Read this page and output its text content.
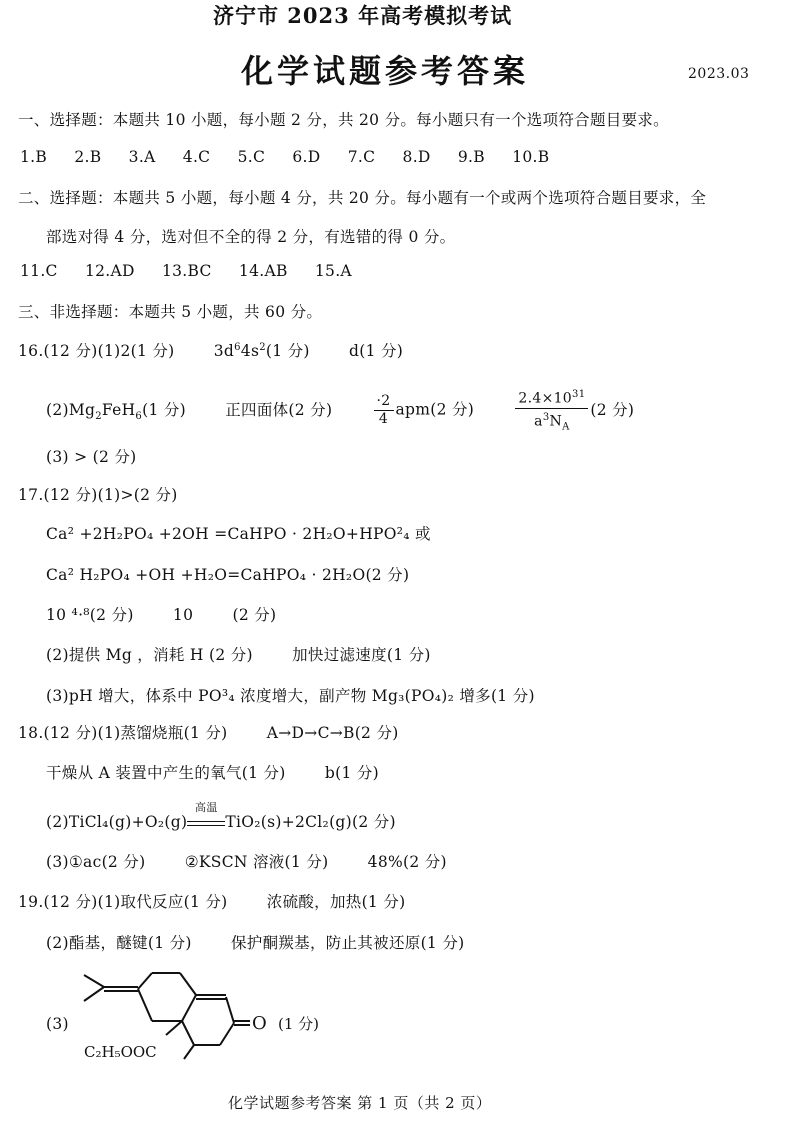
济宁市 2023 年高考模拟考试
化学试题参考答案	2023.03
一、选择题：本题共 10 小题，每小题 2 分，共 20 分。每小题只有一个选项符合题目要求。
1.B 2.B 3.A 4.C 5.C 6.D 7.C 8.D 9.B 10.B
二、选择题：本题共 5 小题，每小题 4 分，共 20 分。每小题有一个或两个选项符合题目要求，全
部选对得 4 分，选对但不全的得 2 分，有选错的得 0 分。
11.C 12.AD 13.BC 14.AB 15.A
三、非选择题：本题共 5 小题，共 60 分。
16.(12 分)(1)2(1 分)	$3d^64s^2(1$ 分)	d(1 分)
$(2)Mg_2FeH_6(1$ 分)	正四面体(2 分)	$\frac{\cdot 2}{4} apm(2$ 分)	$\frac{2.4\times 10^{31}}{a^3N_A} (2$ 分)
(3) > (2 分)
17.(12 分)(1)>(2 分)
Ca² +2H₂PO₄ +2OH =CaHPO · 2H₂O+HPO²₄ 或
Ca² H₂PO₄ +OH +H₂O=CaHPO₄ · 2H₂O(2 分)
10 ⁴·⁸(2 分)	10	(2 分)
(2)提供 Mg ，消耗 H (2 分)	加快过滤速度(1 分)
(3)pH 增大，体系中 PO³₄ 浓度增大，副产物 Mg₃(PO₄)₂ 增多(1 分)
18.(12 分)(1)蒸馏烧瓶(1 分)	A→D→C→B(2 分)
干燥从 A 装置中产生的氧气(1 分)	b(1 分)
(2)TiCl₄(g)+O₂(g)
高温
TiO₂(s)+2Cl₂(g)(2 分)
(3)①ac(2 分)	②KSCN 溶液(1 分)	48%(2 分)
19.(12 分)(1)取代反应(1 分)	浓硫酸，加热(1 分)
(2)酯基，醚键(1 分)	保护酮羰基，防止其被还原(1 分)
(3)	O (1 分)
C₂H₅OOC
化学试题参考答案 第 1 页（共 2 页）
